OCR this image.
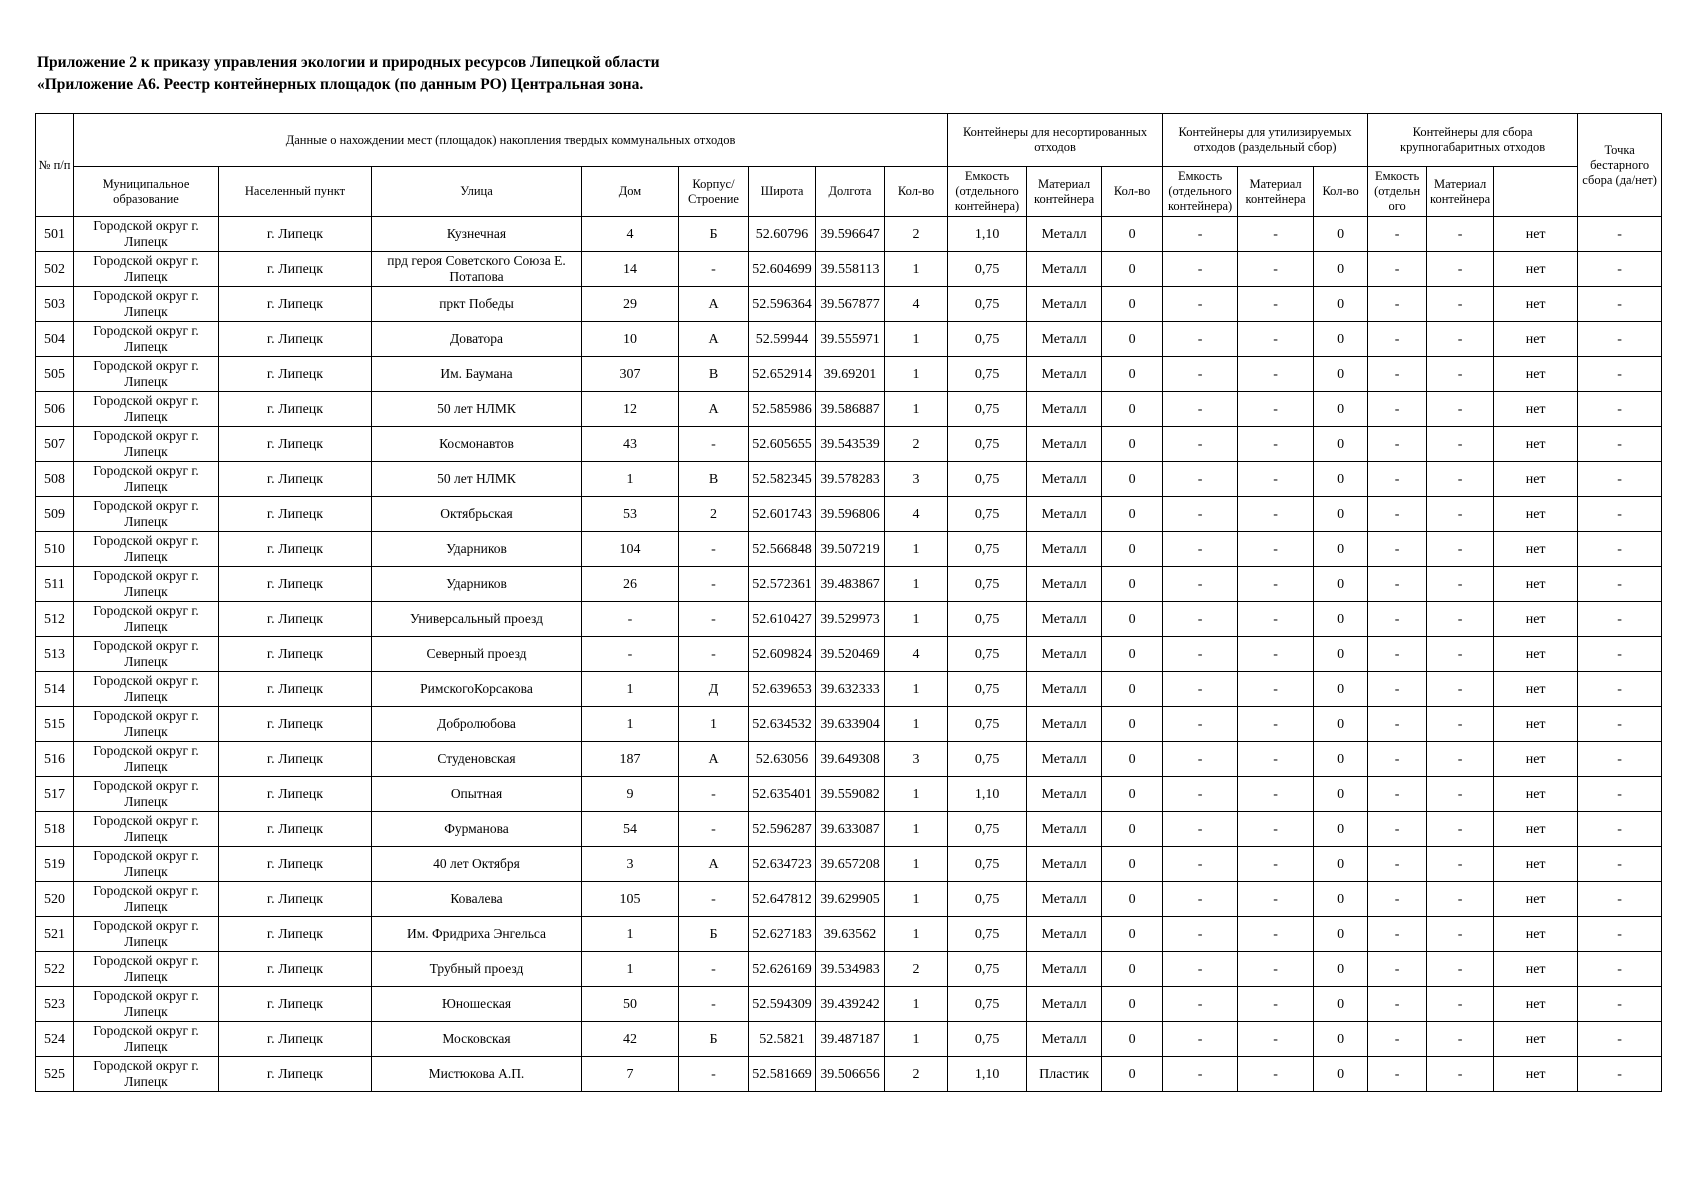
Приложение 2 к приказу управления экологии и природных ресурсов Липецкой области
«Приложение А6. Реестр контейнерных площадок (по данным РО) Центральная зона.
№ п/п	Данные о нахождении мест (площадок) накопления твердых коммунальных отходов								Контейнеры для несортированных отходов			Контейнеры для утилизируемых отходов (раздельный сбор)			Контейнеры для сбора крупногабаритных отходов			Точка бестарного сбора (да/нет)	
	Муниципальное образование	Населенный пункт	Улица	Дом	Корпус/ Строение	Широта	Долгота	Кол-во	Емкость (отдельного контейнера)	Материал контейнера	Кол-во	Емкость (отдельного контейнера)	Материал контейнера	Кол-во	Емкость (отдельн ого	Материал контейнера			
501	Городской округ г. Липецк	г. Липецк	Кузнечная	4	Б	52.60796	39.596647	2	1,10	Металл	0	-	-	0	-	-	нет	-	
502	Городской округ г. Липецк	г. Липецк	прд героя Советского Союза Е. Потапова	14	-	52.604699	39.558113	1	0,75	Металл	0	-	-	0	-	-	нет	-	
503	Городской округ г. Липецк	г. Липецк	пркт Победы	29	А	52.596364	39.567877	4	0,75	Металл	0	-	-	0	-	-	нет	-	
504	Городской округ г. Липецк	г. Липецк	Доватора	10	А	52.59944	39.555971	1	0,75	Металл	0	-	-	0	-	-	нет	-	
505	Городской округ г. Липецк	г. Липецк	Им. Баумана	307	В	52.652914	39.69201	1	0,75	Металл	0	-	-	0	-	-	нет	-	
506	Городской округ г. Липецк	г. Липецк	50 лет НЛМК	12	А	52.585986	39.586887	1	0,75	Металл	0	-	-	0	-	-	нет	-	
507	Городской округ г. Липецк	г. Липецк	Космонавтов	43	-	52.605655	39.543539	2	0,75	Металл	0	-	-	0	-	-	нет	-	
508	Городской округ г. Липецк	г. Липецк	50 лет НЛМК	1	В	52.582345	39.578283	3	0,75	Металл	0	-	-	0	-	-	нет	-	
509	Городской округ г. Липецк	г. Липецк	Октябрьская	53	2	52.601743	39.596806	4	0,75	Металл	0	-	-	0	-	-	нет	-	
510	Городской округ г. Липецк	г. Липецк	Ударников	104	-	52.566848	39.507219	1	0,75	Металл	0	-	-	0	-	-	нет	-	
511	Городской округ г. Липецк	г. Липецк	Ударников	26	-	52.572361	39.483867	1	0,75	Металл	0	-	-	0	-	-	нет	-	
512	Городской округ г. Липецк	г. Липецк	Универсальный проезд	-	-	52.610427	39.529973	1	0,75	Металл	0	-	-	0	-	-	нет	-	
513	Городской округ г. Липецк	г. Липецк	Северный проезд	-	-	52.609824	39.520469	4	0,75	Металл	0	-	-	0	-	-	нет	-	
514	Городской округ г. Липецк	г. Липецк	РимскогоКорсакова	1	Д	52.639653	39.632333	1	0,75	Металл	0	-	-	0	-	-	нет	-	
515	Городской округ г. Липецк	г. Липецк	Добролюбова	1	1	52.634532	39.633904	1	0,75	Металл	0	-	-	0	-	-	нет	-	
516	Городской округ г. Липецк	г. Липецк	Студеновская	187	А	52.63056	39.649308	3	0,75	Металл	0	-	-	0	-	-	нет	-	
517	Городской округ г. Липецк	г. Липецк	Опытная	9	-	52.635401	39.559082	1	1,10	Металл	0	-	-	0	-	-	нет	-	
518	Городской округ г. Липецк	г. Липецк	Фурманова	54	-	52.596287	39.633087	1	0,75	Металл	0	-	-	0	-	-	нет	-	
519	Городской округ г. Липецк	г. Липецк	40 лет Октября	3	А	52.634723	39.657208	1	0,75	Металл	0	-	-	0	-	-	нет	-	
520	Городской округ г. Липецк	г. Липецк	Ковалева	105	-	52.647812	39.629905	1	0,75	Металл	0	-	-	0	-	-	нет	-	
521	Городской округ г. Липецк	г. Липецк	Им. Фридриха Энгельса	1	Б	52.627183	39.63562	1	0,75	Металл	0	-	-	0	-	-	нет	-	
522	Городской округ г. Липецк	г. Липецк	Трубный проезд	1	-	52.626169	39.534983	2	0,75	Металл	0	-	-	0	-	-	нет	-	
523	Городской округ г. Липецк	г. Липецк	Юношеская	50	-	52.594309	39.439242	1	0,75	Металл	0	-	-	0	-	-	нет	-	
524	Городской округ г. Липецк	г. Липецк	Московская	42	Б	52.5821	39.487187	1	0,75	Металл	0	-	-	0	-	-	нет	-	
525	Городской округ г. Липецк	г. Липецк	Мистюкова А.П.	7	-	52.581669	39.506656	2	1,10	Пластик	0	-	-	0	-	-	нет	-	
